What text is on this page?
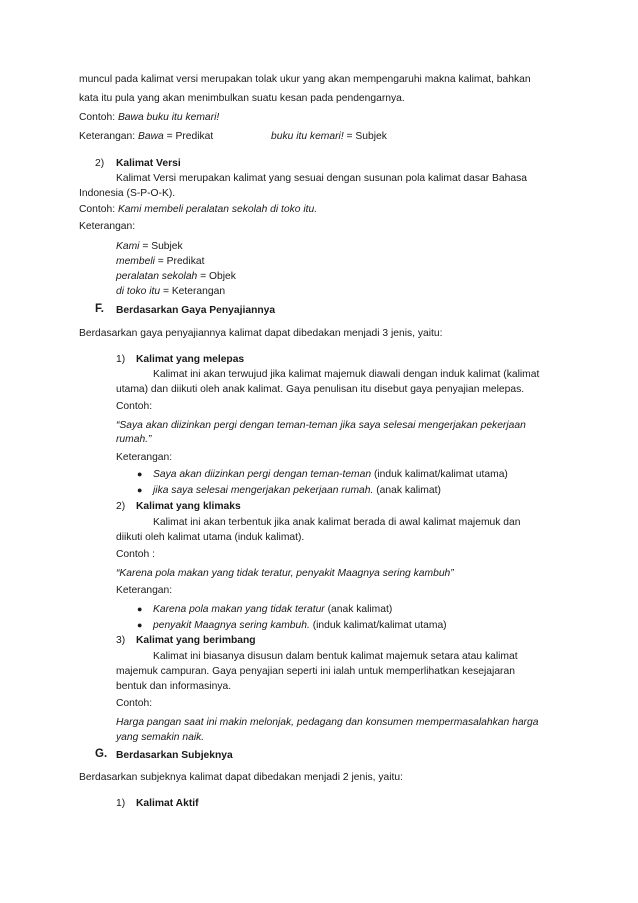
muncul pada kalimat versi merupakan tolak ukur yang akan mempengaruhi makna kalimat, bahkan
kata itu pula yang akan menimbulkan suatu kesan pada pendengarnya.
Contoh: Bawa buku itu kemari!
Keterangan: Bawa = Predikat	buku itu kemari! = Subjek
2) Kalimat Versi
Kalimat Versi merupakan kalimat yang sesuai dengan susunan pola kalimat dasar Bahasa
Indonesia (S-P-O-K).
Contoh: Kami membeli peralatan sekolah di toko itu.
Keterangan:
Kami = Subjek
membeli = Predikat
peralatan sekolah = Objek
di toko itu = Keterangan
F. Berdasarkan Gaya Penyajiannya
Berdasarkan gaya penyajiannya kalimat dapat dibedakan menjadi 3 jenis, yaitu:
1) Kalimat yang melepas
Kalimat ini akan terwujud jika kalimat majemuk diawali dengan induk kalimat (kalimat
utama) dan diikuti oleh anak kalimat. Gaya penulisan itu disebut gaya penyajian melepas.
Contoh:
“Saya akan diizinkan pergi dengan teman-teman jika saya selesai mengerjakan pekerjaan
rumah.”
Keterangan:
● Saya akan diizinkan pergi dengan teman-teman (induk kalimat/kalimat utama)
● jika saya selesai mengerjakan pekerjaan rumah. (anak kalimat)
2) Kalimat yang klimaks
Kalimat ini akan terbentuk jika anak kalimat berada di awal kalimat majemuk dan
diikuti oleh kalimat utama (induk kalimat).
Contoh :
“Karena pola makan yang tidak teratur, penyakit Maagnya sering kambuh”
Keterangan:
● Karena pola makan yang tidak teratur (anak kalimat)
● penyakit Maagnya sering kambuh. (induk kalimat/kalimat utama)
3) Kalimat yang berimbang
Kalimat ini biasanya disusun dalam bentuk kalimat majemuk setara atau kalimat
majemuk campuran. Gaya penyajian seperti ini ialah untuk memperlihatkan kesejajaran
bentuk dan informasinya.
Contoh:
Harga pangan saat ini makin melonjak, pedagang dan konsumen mempermasalahkan harga
yang semakin naik.
G. Berdasarkan Subjeknya
Berdasarkan subjeknya kalimat dapat dibedakan menjadi 2 jenis, yaitu:
1) Kalimat Aktif
